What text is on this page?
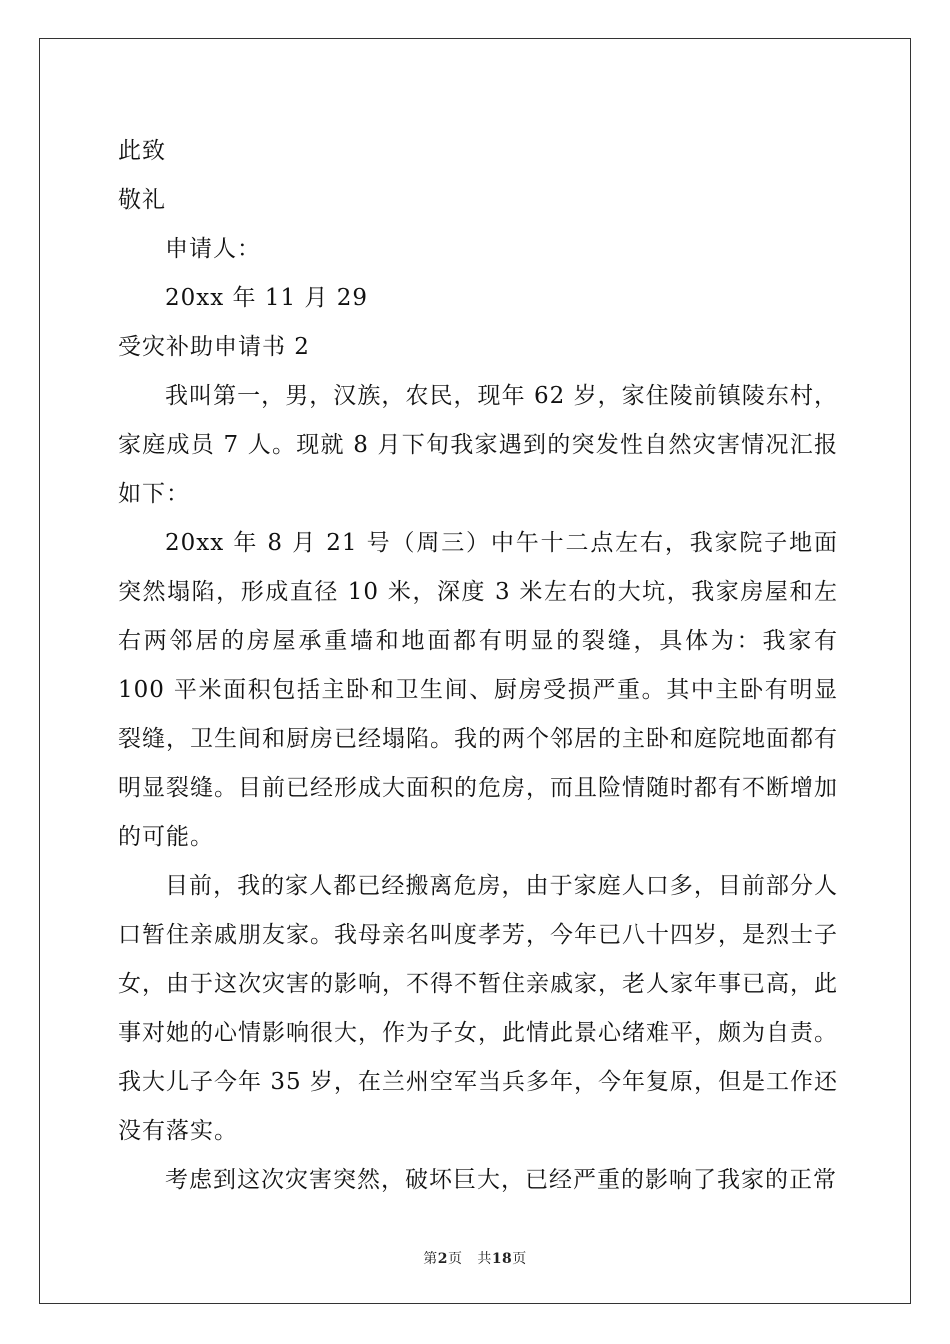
此致
敬礼
申请人：
20xx 年 11 月 29
受灾补助申请书 2

我叫第一，男，汉族，农民，现年 62 岁，家住陵前镇陵东村，家庭成员 7 人。现就 8 月下旬我家遇到的突发性自然灾害情况汇报如下：

20xx 年 8 月 21 号（周三）中午十二点左右，我家院子地面突然塌陷，形成直径 10 米，深度 3 米左右的大坑，我家房屋和左右两邻居的房屋承重墙和地面都有明显的裂缝，具体为：我家有 100 平米面积包括主卧和卫生间、厨房受损严重。其中主卧有明显裂缝，卫生间和厨房已经塌陷。我的两个邻居的主卧和庭院地面都有明显裂缝。目前已经形成大面积的危房，而且险情随时都有不断增加的可能。

目前，我的家人都已经搬离危房，由于家庭人口多，目前部分人口暂住亲戚朋友家。我母亲名叫度孝芳，今年已八十四岁，是烈士子女，由于这次灾害的影响，不得不暂住亲戚家，老人家年事已高，此事对她的心情影响很大，作为子女，此情此景心绪难平，颇为自责。我大儿子今年 35 岁，在兰州空军当兵多年，今年复原，但是工作还没有落实。

考虑到这次灾害突然，破坏巨大，已经严重的影响了我家的正常

第2页 共18页
